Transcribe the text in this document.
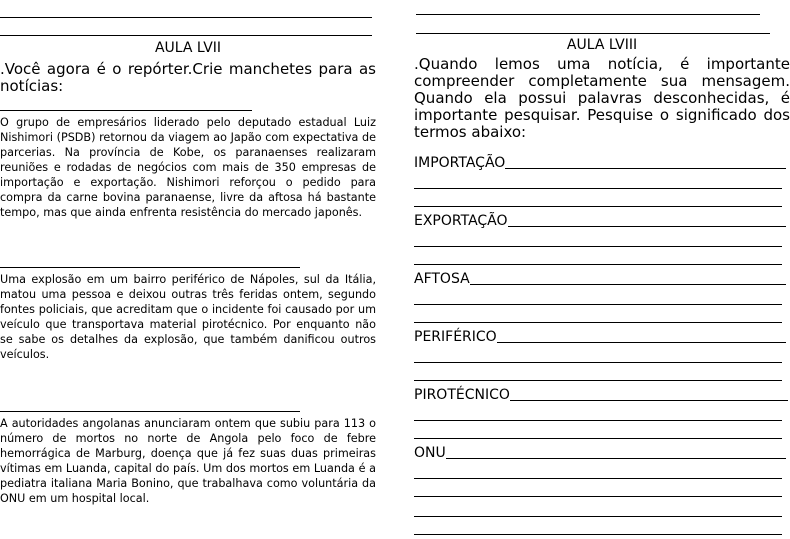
AULA LVII
.Você agora é o repórter.Crie manchetes para as notícias:
O grupo de empresários liderado pelo deputado estadual Luiz Nishimori (PSDB) retornou da viagem ao Japão com expectativa de parcerias. Na província de Kobe, os paranaenses realizaram reuniões e rodadas de negócios com mais de 350 empresas de importação e exportação. Nishimori reforçou o pedido para compra da carne bovina paranaense, livre da aftosa há bastante tempo, mas que ainda enfrenta resistência do mercado japonês.
Uma explosão em um bairro periférico de Nápoles, sul da Itália, matou uma pessoa e deixou outras três feridas ontem, segundo fontes policiais, que acreditam que o incidente foi causado por um veículo que transportava material pirotécnico. Por enquanto não se sabe os detalhes da explosão, que também danificou outros veículos.
A autoridades angolanas anunciaram ontem que subiu para 113 o número de mortos no norte de Angola pelo foco de febre hemorrágica de Marburg, doença que já fez suas duas primeiras vítimas em Luanda, capital do país. Um dos mortos em Luanda é a pediatra italiana Maria Bonino, que trabalhava como voluntária da ONU em um hospital local.
AULA LVIII
.Quando lemos uma notícia, é importante compreender completamente sua mensagem. Quando ela possui palavras desconhecidas, é importante pesquisar. Pesquise o significado dos termos abaixo:
IMPORTAÇÃO
EXPORTAÇÃO
AFTOSA
PERIFÉRICO
PIROTÉCNICO
ONU
